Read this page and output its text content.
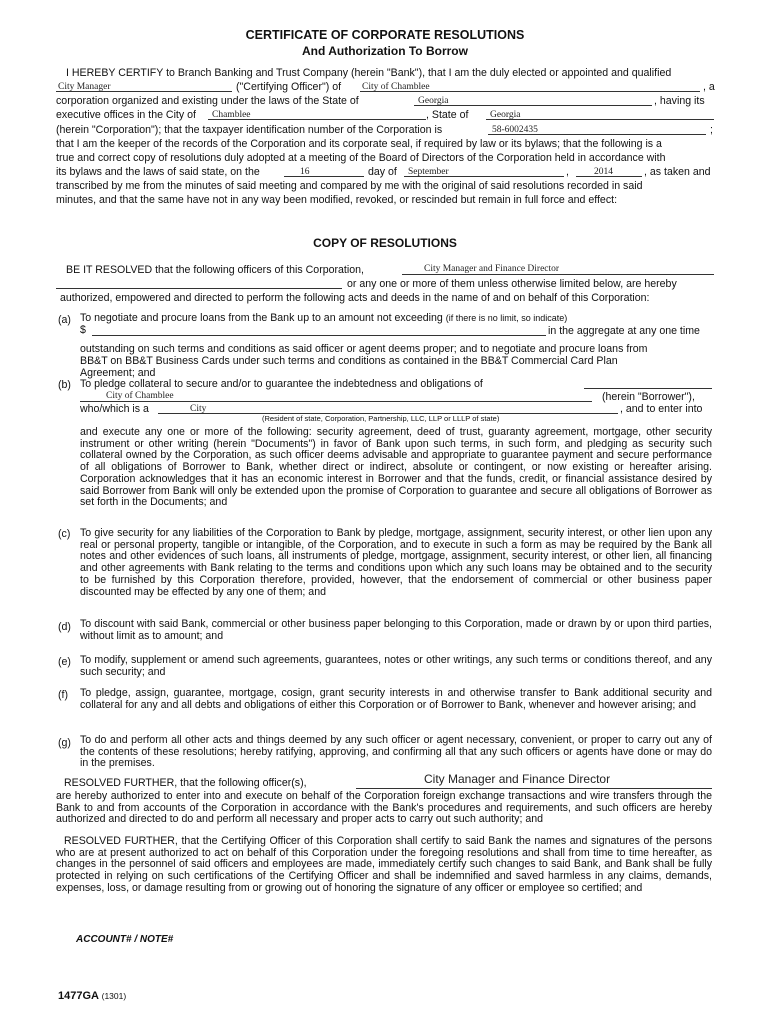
CERTIFICATE OF CORPORATE RESOLUTIONS
And Authorization To Borrow
I HEREBY CERTIFY to Branch Banking and Trust Company (herein "Bank"), that I am the duly elected or appointed and qualified
City Manager	("Certifying Officer") of City of Chamblee	, a
corporation organized and existing under the laws of the State of	Georgia	, having its
executive offices in the City of Chamblee	, State of Georgia
(herein "Corporation"); that the taxpayer identification number of the Corporation is	58-6002435	;
that I am the keeper of the records of the Corporation and its corporate seal, if required by law or its bylaws; that the following is a
true and correct copy of resolutions duly adopted at a meeting of the Board of Directors of the Corporation held in accordance with
its bylaws and the laws of said state, on the	16	day of September	,	2014	, as taken and
transcribed by me from the minutes of said meeting and compared by me with the original of said resolutions recorded in said
minutes, and that the same have not in any way been modified, revoked, or rescinded but remain in full force and effect:
COPY OF RESOLUTIONS
BE IT RESOLVED that the following officers of this Corporation,	City Manager and Finance Director
or any one or more of them unless otherwise limited below, are hereby
authorized, empowered and directed to perform the following acts and deeds in the name of and on behalf of this Corporation:
(a) To negotiate and procure loans from the Bank up to an amount not exceeding (if there is no limit, so indicate)
$	in the aggregate at any one time
outstanding on such terms and conditions as said officer or agent deems proper; and to negotiate and procure loans from
BB&T on BB&T Business Cards under such terms and conditions as contained in the BB&T Commercial Card Plan
Agreement; and
(b) To pledge collateral to secure and/or to guarantee the indebtedness and obligations of
City of Chamblee	(herein "Borrower"),
who/which is a	City	, and to enter into
(Resident of state, Corporation, Partnership, LLC, LLP or LLLP of state)
and execute any one or more of the following: security agreement, deed of trust, guaranty agreement, mortgage, other security instrument or other writing (herein "Documents") in favor of Bank upon such terms, in such form, and pledging as security such collateral owned by the Corporation, as such officer deems advisable and appropriate to guarantee payment and secure performance of all obligations of Borrower to Bank, whether direct or indirect, absolute or contingent, or now existing or hereafter arising. Corporation acknowledges that it has an economic interest in Borrower and that the funds, credit, or financial assistance desired by said Borrower from Bank will only be extended upon the promise of Corporation to guarantee and secure all obligations of Borrower as set forth in the Documents; and
(c) To give security for any liabilities of the Corporation to Bank by pledge, mortgage, assignment, security interest, or other lien upon any real or personal property, tangible or intangible, of the Corporation, and to execute in such a form as may be required by the Bank all notes and other evidences of such loans, all instruments of pledge, mortgage, assignment, security interest, or other lien, all financing and other agreements with Bank relating to the terms and conditions upon which any such loans may be obtained and to the security to be furnished by this Corporation therefore, provided, however, that the endorsement of commercial or other business paper discounted may be effected by any one of them; and
(d) To discount with said Bank, commercial or other business paper belonging to this Corporation, made or drawn by or upon third parties, without limit as to amount; and
(e) To modify, supplement or amend such agreements, guarantees, notes or other writings, any such terms or conditions thereof, and any such security; and
(f) To pledge, assign, guarantee, mortgage, cosign, grant security interests in and otherwise transfer to Bank additional security and collateral for any and all debts and obligations of either this Corporation or of Borrower to Bank, whenever and however arising; and
(g) To do and perform all other acts and things deemed by any such officer or agent necessary, convenient, or proper to carry out any of the contents of these resolutions; hereby ratifying, approving, and confirming all that any such officers or agents have done or may do in the premises.
RESOLVED FURTHER, that the following officer(s),	City Manager and Finance Director
are hereby authorized to enter into and execute on behalf of the Corporation foreign exchange transactions and wire transfers through the Bank to and from accounts of the Corporation in accordance with the Bank's procedures and requirements, and such officers are hereby authorized and directed to do and perform all necessary and proper acts to carry out such authority; and
RESOLVED FURTHER, that the Certifying Officer of this Corporation shall certify to said Bank the names and signatures of the persons who are at present authorized to act on behalf of this Corporation under the foregoing resolutions and shall from time to time hereafter, as changes in the personnel of said officers and employees are made, immediately certify such changes to said Bank, and Bank shall be fully protected in relying on such certifications of the Certifying Officer and shall be indemnified and saved harmless in any claims, demands, expenses, loss, or damage resulting from or growing out of honoring the signature of any officer or employee so certified; and
ACCOUNT# / NOTE#
1477GA (1301)
